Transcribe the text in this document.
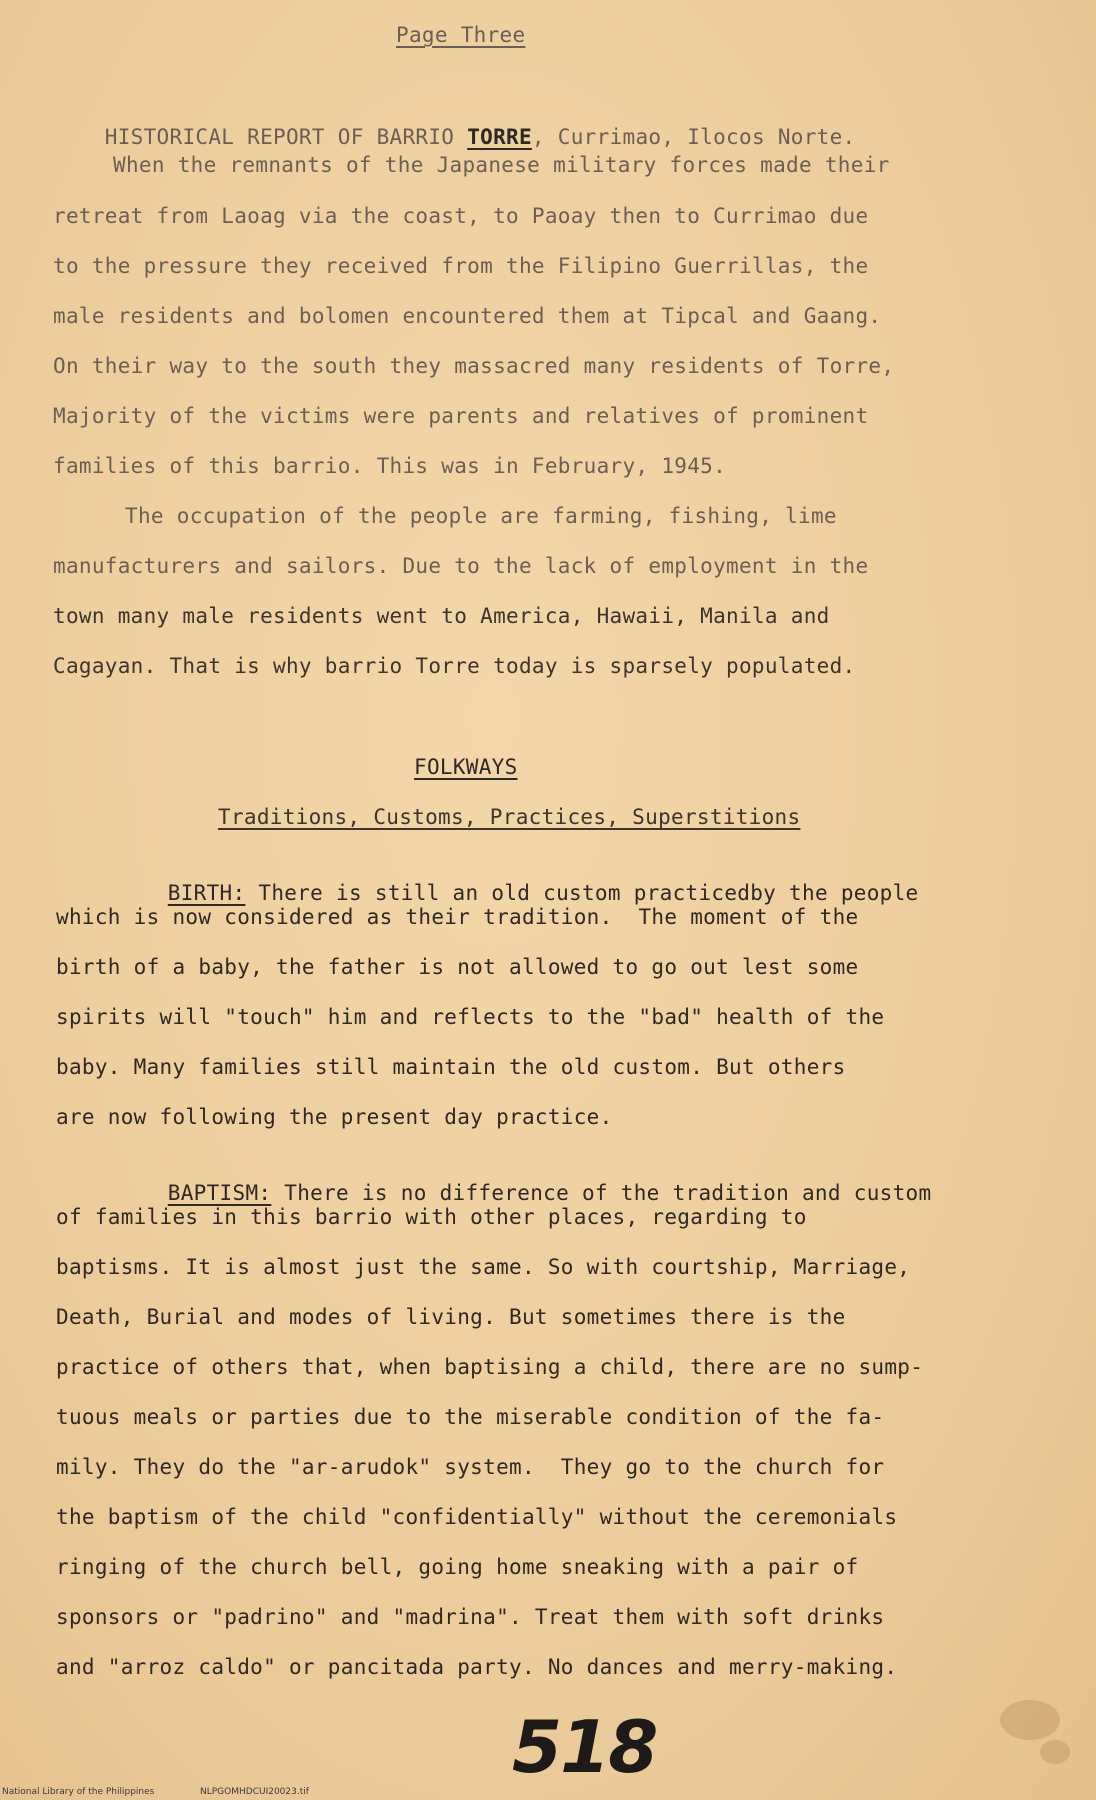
Page Three

HISTORICAL REPORT OF BARRIO TORRE, Currimao, Ilocos Norte.

When the remnants of the Japanese military forces made their
retreat from Laoag via the coast, to Paoay then to Currimao due
to the pressure they received from the Filipino Guerrillas, the
male residents and bolomen encountered them at Tipcal and Gaang.
On their way to the south they massacred many residents of Torre,
Majority of the victims were parents and relatives of prominent
families of this barrio. This was in February, 1945.
The occupation of the people are farming, fishing, lime
manufacturers and sailors. Due to the lack of employment in the
town many male residents went to America, Hawaii, Manila and
Cagayan. That is why barrio Torre today is sparsely populated.
FOLKWAYS
Traditions, Customs, Practices, Superstitions

BIRTH: There is still an old custom practicedby the people

which is now considered as their tradition.  The moment of the
birth of a baby, the father is not allowed to go out lest some
spirits will "touch" him and reflects to the "bad" health of the
baby. Many families still maintain the old custom. But others
are now following the present day practice.

BAPTISM: There is no difference of the tradition and custom

of families in this barrio with other places, regarding to
baptisms. It is almost just the same. So with courtship, Marriage,
Death, Burial and modes of living. But sometimes there is the
practice of others that, when baptising a child, there are no sump-
tuous meals or parties due to the miserable condition of the fa-
mily. They do the "ar-arudok" system.  They go to the church for
the baptism of the child "confidentially" without the ceremonials
ringing of the church bell, going home sneaking with a pair of
sponsors or "padrino" and "madrina". Treat them with soft drinks
and "arroz caldo" or pancitada party. No dances and merry-making.
518
National Library of the Philippines	NLPGOMHDCUI20023.tif
